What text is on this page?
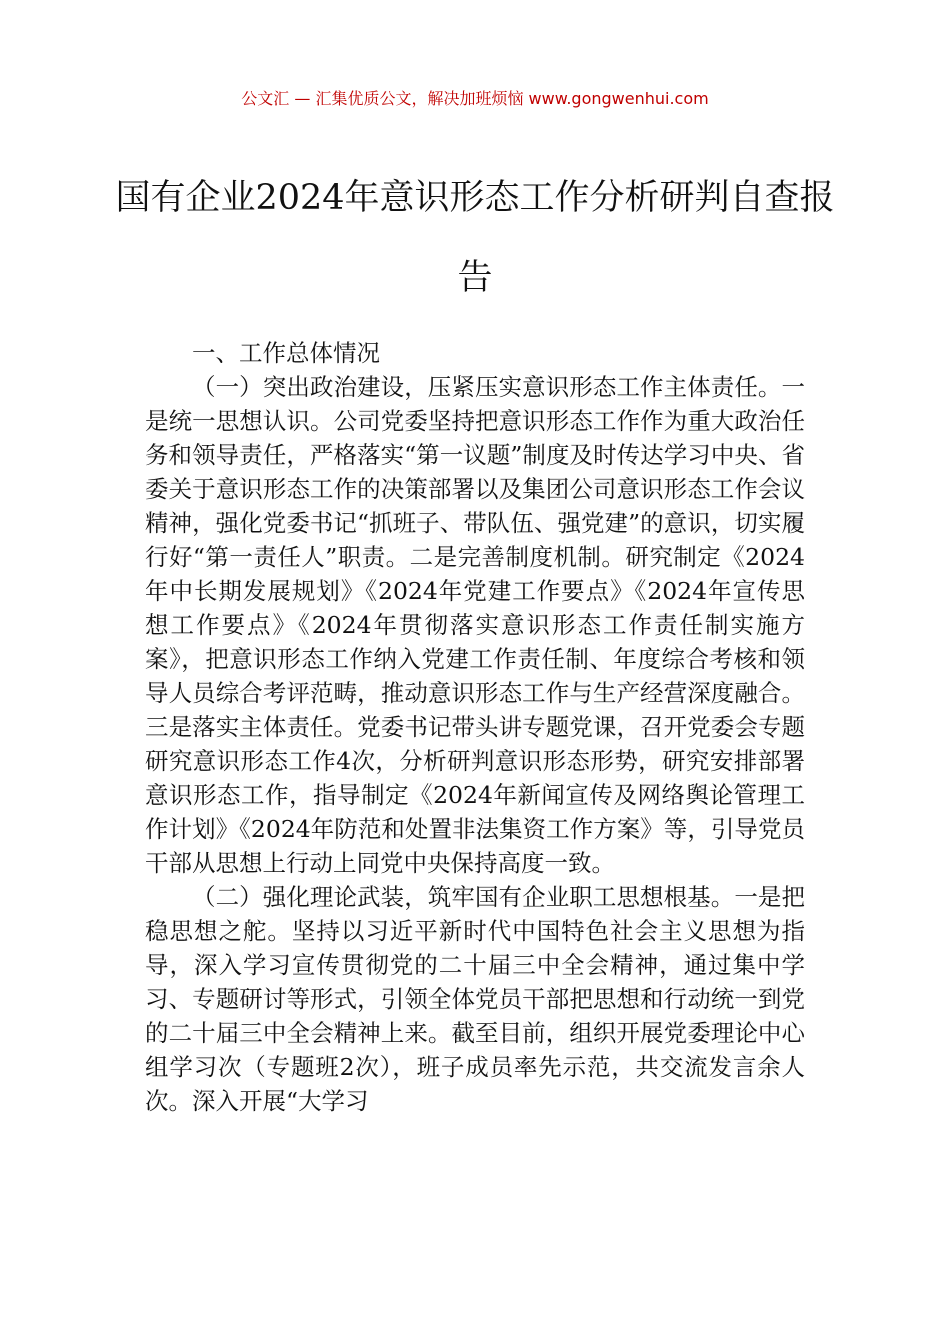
公文汇 — 汇集优质公文，解决加班烦恼 www.gongwenhui.com
国有企业2024年意识形态工作分析研判自查报告

一、工作总体情况

（一）突出政治建设，压紧压实意识形态工作主体责任。一是统一思想认识。公司党委坚持把意识形态工作作为重大政治任务和领导责任，严格落实“第一议题”制度及时传达学习中央、省委关于意识形态工作的决策部署以及集团公司意识形态工作会议精神，强化党委书记“抓班子、带队伍、强党建”的意识，切实履行好“第一责任人”职责。二是完善制度机制。研究制定《2024年中长期发展规划》《2024年党建工作要点》《2024年宣传思想工作要点》《2024年贯彻落实意识形态工作责任制实施方案》，把意识形态工作纳入党建工作责任制、年度综合考核和领导人员综合考评范畴，推动意识形态工作与生产经营深度融合。三是落实主体责任。党委书记带头讲专题党课，召开党委会专题研究意识形态工作4次，分析研判意识形态形势，研究安排部署意识形态工作，指导制定《2024年新闻宣传及网络舆论管理工作计划》《2024年防范和处置非法集资工作方案》等，引导党员干部从思想上行动上同党中央保持高度一致。

（二）强化理论武装，筑牢国有企业职工思想根基。一是把稳思想之舵。坚持以习近平新时代中国特色社会主义思想为指导，深入学习宣传贯彻党的二十届三中全会精神，通过集中学习、专题研讨等形式，引领全体党员干部把思想和行动统一到党的二十届三中全会精神上来。截至目前，组织开展党委理论中心组学习次（专题班2次），班子成员率先示范，共交流发言余人次。深入开展“大学习
